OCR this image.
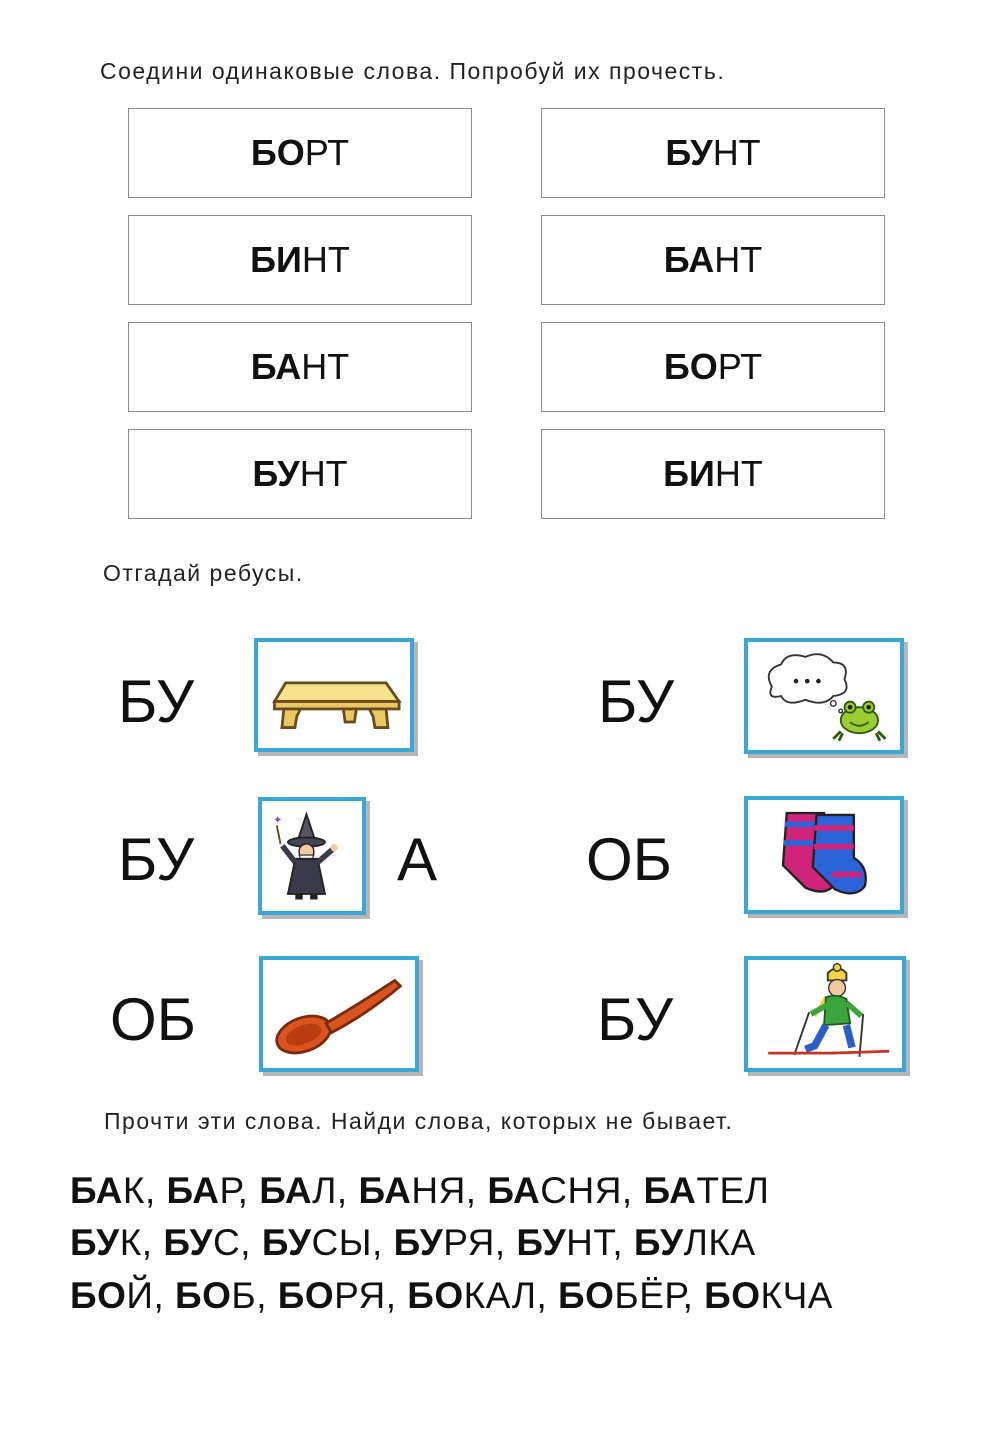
Соедини одинаковые слова. Попробуй их прочесть.
БО РТ
БИ НТ
БА НТ
БУ НТ
БУ НТ
БА НТ
БО РТ
БИ НТ
Отгадай ребусы.
БУ
БУ
✦
А
ОБ
БУ
ОБ
БУ
Прочти эти слова. Найди слова, которых не бывает.
БАК, БАР, БАЛ, БАНЯ, БАСНЯ, БАТЕЛ
БУК, БУС, БУСЫ, БУРЯ, БУНТ, БУЛКА
БОЙ, БОБ, БОРЯ, БОКАЛ, БОБЁР, БОКЧА
